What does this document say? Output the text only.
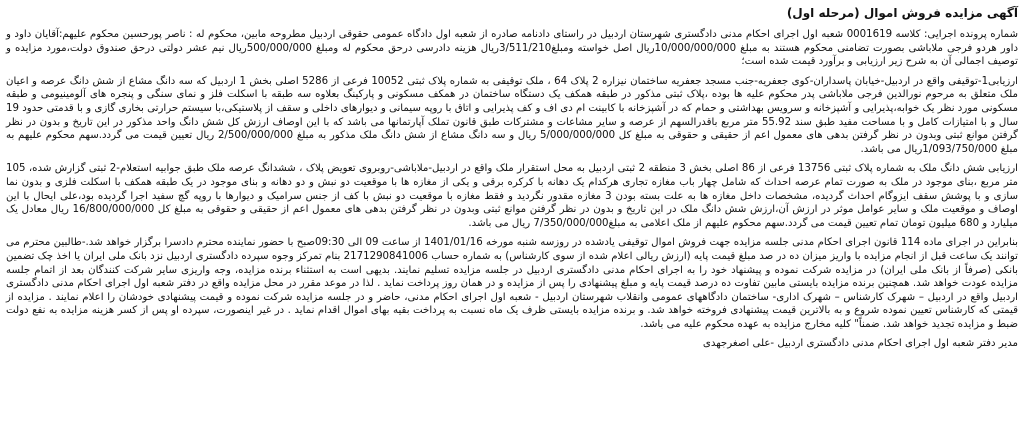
آگهی مزایده فروش اموال (مرحله اول)

شماره پرونده اجرایی: کلاسه 0001619 شعبه اول اجرای احکام مدنی دادگستری شهرستان اردبیل در راستای دادنامه صادره از شعبه اول دادگاه عمومی حقوقی اردبیل مطروحه مابین، محکوم له : ناصر پورحسین محکوم علیهم:آقایان داود و داور هردو فرجی ملاباشی بصورت تضامنی محکوم هستند به مبلغ 10/000/000/000ریال اصل خواسته ومبلغ3/511/210ریال هزینه دادرسی درحق محکوم له ومبلغ 500/000/000ریال نیم عشر دولتی درحق صندوق دولت،مورد مزایده و توصیف اجمالی آن به شرح زیر ارزیابی و برآورد قیمت شده است؛

ارزیابی1-توقیفی واقع در اردبیل-خیابان پاسداران-کوی جعفریه-جنب مسجد جعفریه ساختمان نیزاره 2 پلاک 64 ، ملک توقیفی به شماره پلاک ثبتی 10052 فرعی از 5286 اصلی بخش 1 اردبیل که سه دانگ مشاع از شش دانگ عرصه و اعیان ملک متعلق به مرحوم نورالدین فرجی ملاباشی پدر محکوم علیه ها بوده ،پلاک ثبتی مذکور در طبقه همکف یک دستگاه ساختمان در همکف مسکونی و پارکینگ بعلاوه سه طبقه با اسکلت فلز و نمای سنگی و پنجره های آلومینیومی و طبقه مسکونی مورد نظر یک خوابه،پذیرایی و آشپزخانه و سرویس بهداشتی و حمام که در آشپزخانه با کابینت ام دی اف و کف پذیرایی و اتاق با روپه سیمانی و دیوارهای داخلی و سقف از پلاستیکی،با سیستم حرارتی بخاری گازی و با قدمتی حدود 19 سال و با امتیازات کامل و با مساحت مفید طبق سند 55.92 متر مربع باقدرالسهم از عرصه و سایر مشاعات و مشترکات طبق قانون تملک آپارتمانها می باشد که با این اوصاف ارزش کل شش دانگ واحد مذکور در این تاریخ و بدون در نظر گرفتن موانع ثبتی وبدون در نظر گرفتن بدهی های معمول اعم از حقیقی و حقوقی به مبلغ کل 5/000/000/000 ریال و سه دانگ مشاع از شش دانگ ملک مذکور به مبلغ 2/500/000/000 ریال تعیین قیمت می گردد.سهم محکوم علیهم به مبلغ 1/093/750/000ریال می باشد.

ارزیابی شش دانگ ملک به شماره پلاک ثبتی 13756 فرعی از 86 اصلی بخش 3 منطقه 2 ثبتی اردبیل به محل استقرار ملک واقع در اردبیل-ملاباشی-روبروی تعویض پلاک ، ششدانگ عرصه ملک طبق جوابیه استعلام-2 ثبتی گزارش شده، 105 متر مربع ،بنای موجود در ملک به صورت تمام عرصه احداث که شامل چهار باب مغازه تجاری هرکدام یک دهانه با کرکره برقی و یکی از مغازه ها با موقعیت دو نبش و دو دهانه و بنای موجود در یک طبقه همکف با اسکلت فلزی و بدون نما سازی و با پوشش سقف ایزوگام احداث گردیده، مشخصات داخل مغازه ها به علت بسته بودن 3 مغازه مقدور نگردید و فقط مغازه با موقعیت دو نبش با کف از جنس سرامیک و دیوارها با روپه گچ سفید اجرا گردیده بود،علی ایحال با این اوصاف و موقعیت ملک و سایر عوامل موثر در ارزش آن،ارزش شش دانگ ملک در این تاریخ و بدون در نظر گرفتن موانع ثبتی وبدون در نظر گرفتن بدهی های معمول اعم از حقیقی و حقوقی به مبلغ کل 16/800/000/000 ریال معادل یک میلیارد و 680 میلیون تومان تمام تعیین قیمت می گردد.سهم محکوم علیهم از ملک اعلامی به مبلغ7/350/000/000 ریال می باشد.

بنابراین در اجرای ماده 114 قانون اجرای احکام مدنی جلسه مزایده جهت فروش اموال توقیفی یادشده در روزسه شنبه مورخه 1401/01/16 از ساعت 09 الی 09:30صبح با حضور نماینده محترم دادسرا برگزار خواهد شد.-طالبین محترم می توانند یک ساعت قبل از انجام مزایده با واریز میزان ده در صد مبلغ قیمت پایه (ارزش ریالی اعلام شده از سوی کارشناس) به شماره حساب 2171290841006 بنام تمرکز وجوه سپرده دادگستری اردبیل نزد بانک ملی ایران یا اخذ چک تضمین بانکی (صرفاً از بانک ملی ایران) در مزایده شرکت نموده و پیشنهاد خود را به اجرای احکام مدنی دادگستری اردبیل در جلسه مزایده تسلیم نمایند. بدیهی است به استثناء برنده مزایده، وجه واریزی سایر شرکت کنندگان بعد از اتمام جلسه مزایده عودت خواهد شد. همچنین برنده مزایده بایستی مابین تفاوت ده درصد قیمت پایه و مبلغ پیشنهادی را پس از مزایده و در همان روز پرداخت نماید . لذا در موعد مقرر در محل مزایده واقع در دفتر شعبه اول اجرای احکام مدنی دادگستری اردبیل واقع در اردبیل – شهرک کارشناس – شهرک اداری- ساختمان دادگاههای عمومی وانقلاب شهرستان اردبیل - شعبه اول اجرای احکام مدنی، حاضر و در جلسه مزایده شرکت نموده و قیمت پیشنهادی خودشان را اعلام نمایند . مزایده از قیمتی که کارشناس تعیین نموده شروع و به بالاترین قیمت پیشنهادی فروخته خواهد شد. و برنده مزایده بایستی ظرف یک ماه نسبت به پرداخت بقیه بهای اموال اقدام نماید . در غیر اینصورت، سپرده او پس از کسر هزینه مزایده به نفع دولت ضبط و مزایده تجدید خواهد شد. ضمناً" کلیه مخارج مزایده به عهده محکوم علیه می باشد.

مدیر دفتر شعبه اول اجرای احکام مدنی دادگستری اردبیل -علی اصغرجهدی
